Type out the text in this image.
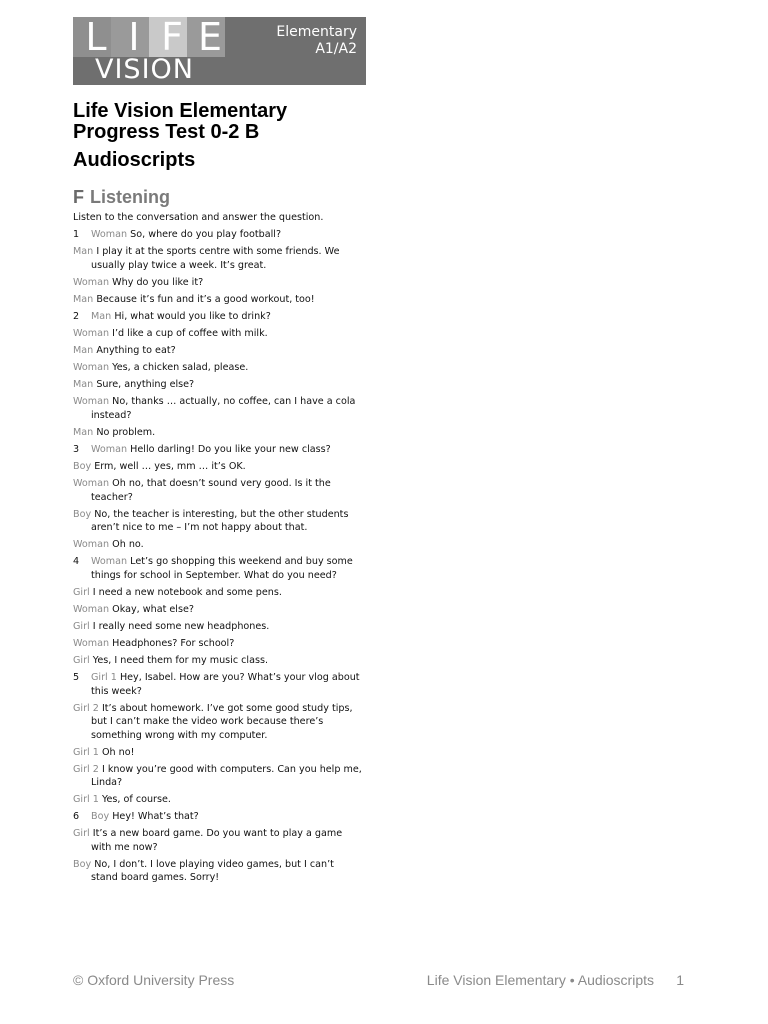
L I F E
VISION
Elementary
A1/A2
Life Vision Elementary
Progress Test 0-2 B
Audioscripts
F Listening

Listen to the conversation and answer the question.

1 Woman So, where do you play football?

Man I play it at the sports centre with some friends. We usually play twice a week. It’s great.

Woman Why do you like it?

Man Because it’s fun and it’s a good workout, too!

2 Man Hi, what would you like to drink?

Woman I’d like a cup of coffee with milk.

Man Anything to eat?

Woman Yes, a chicken salad, please.

Man Sure, anything else?

Woman No, thanks … actually, no coffee, can I have a cola instead?

Man No problem.

3 Woman Hello darling! Do you like your new class?

Boy Erm, well … yes, mm … it’s OK.

Woman Oh no, that doesn’t sound very good. Is it the teacher?

Boy No, the teacher is interesting, but the other students aren’t nice to me – I’m not happy about that.

Woman Oh no.

4 Woman Let’s go shopping this weekend and buy some things for school in September. What do you need?

Girl I need a new notebook and some pens.

Woman Okay, what else?

Girl I really need some new headphones.

Woman Headphones? For school?

Girl Yes, I need them for my music class.

5 Girl 1 Hey, Isabel. How are you? What’s your vlog about this week?

Girl 2 It’s about homework. I’ve got some good study tips, but I can’t make the video work because there’s something wrong with my computer.

Girl 1 Oh no!

Girl 2 I know you’re good with computers. Can you help me, Linda?

Girl 1 Yes, of course.

6 Boy Hey! What’s that?

Girl It’s a new board game. Do you want to play a game with me now?

Boy No, I don’t. I love playing video games, but I can’t stand board games. Sorry!

© Oxford University Press	Life Vision Elementary • Audioscripts 1
